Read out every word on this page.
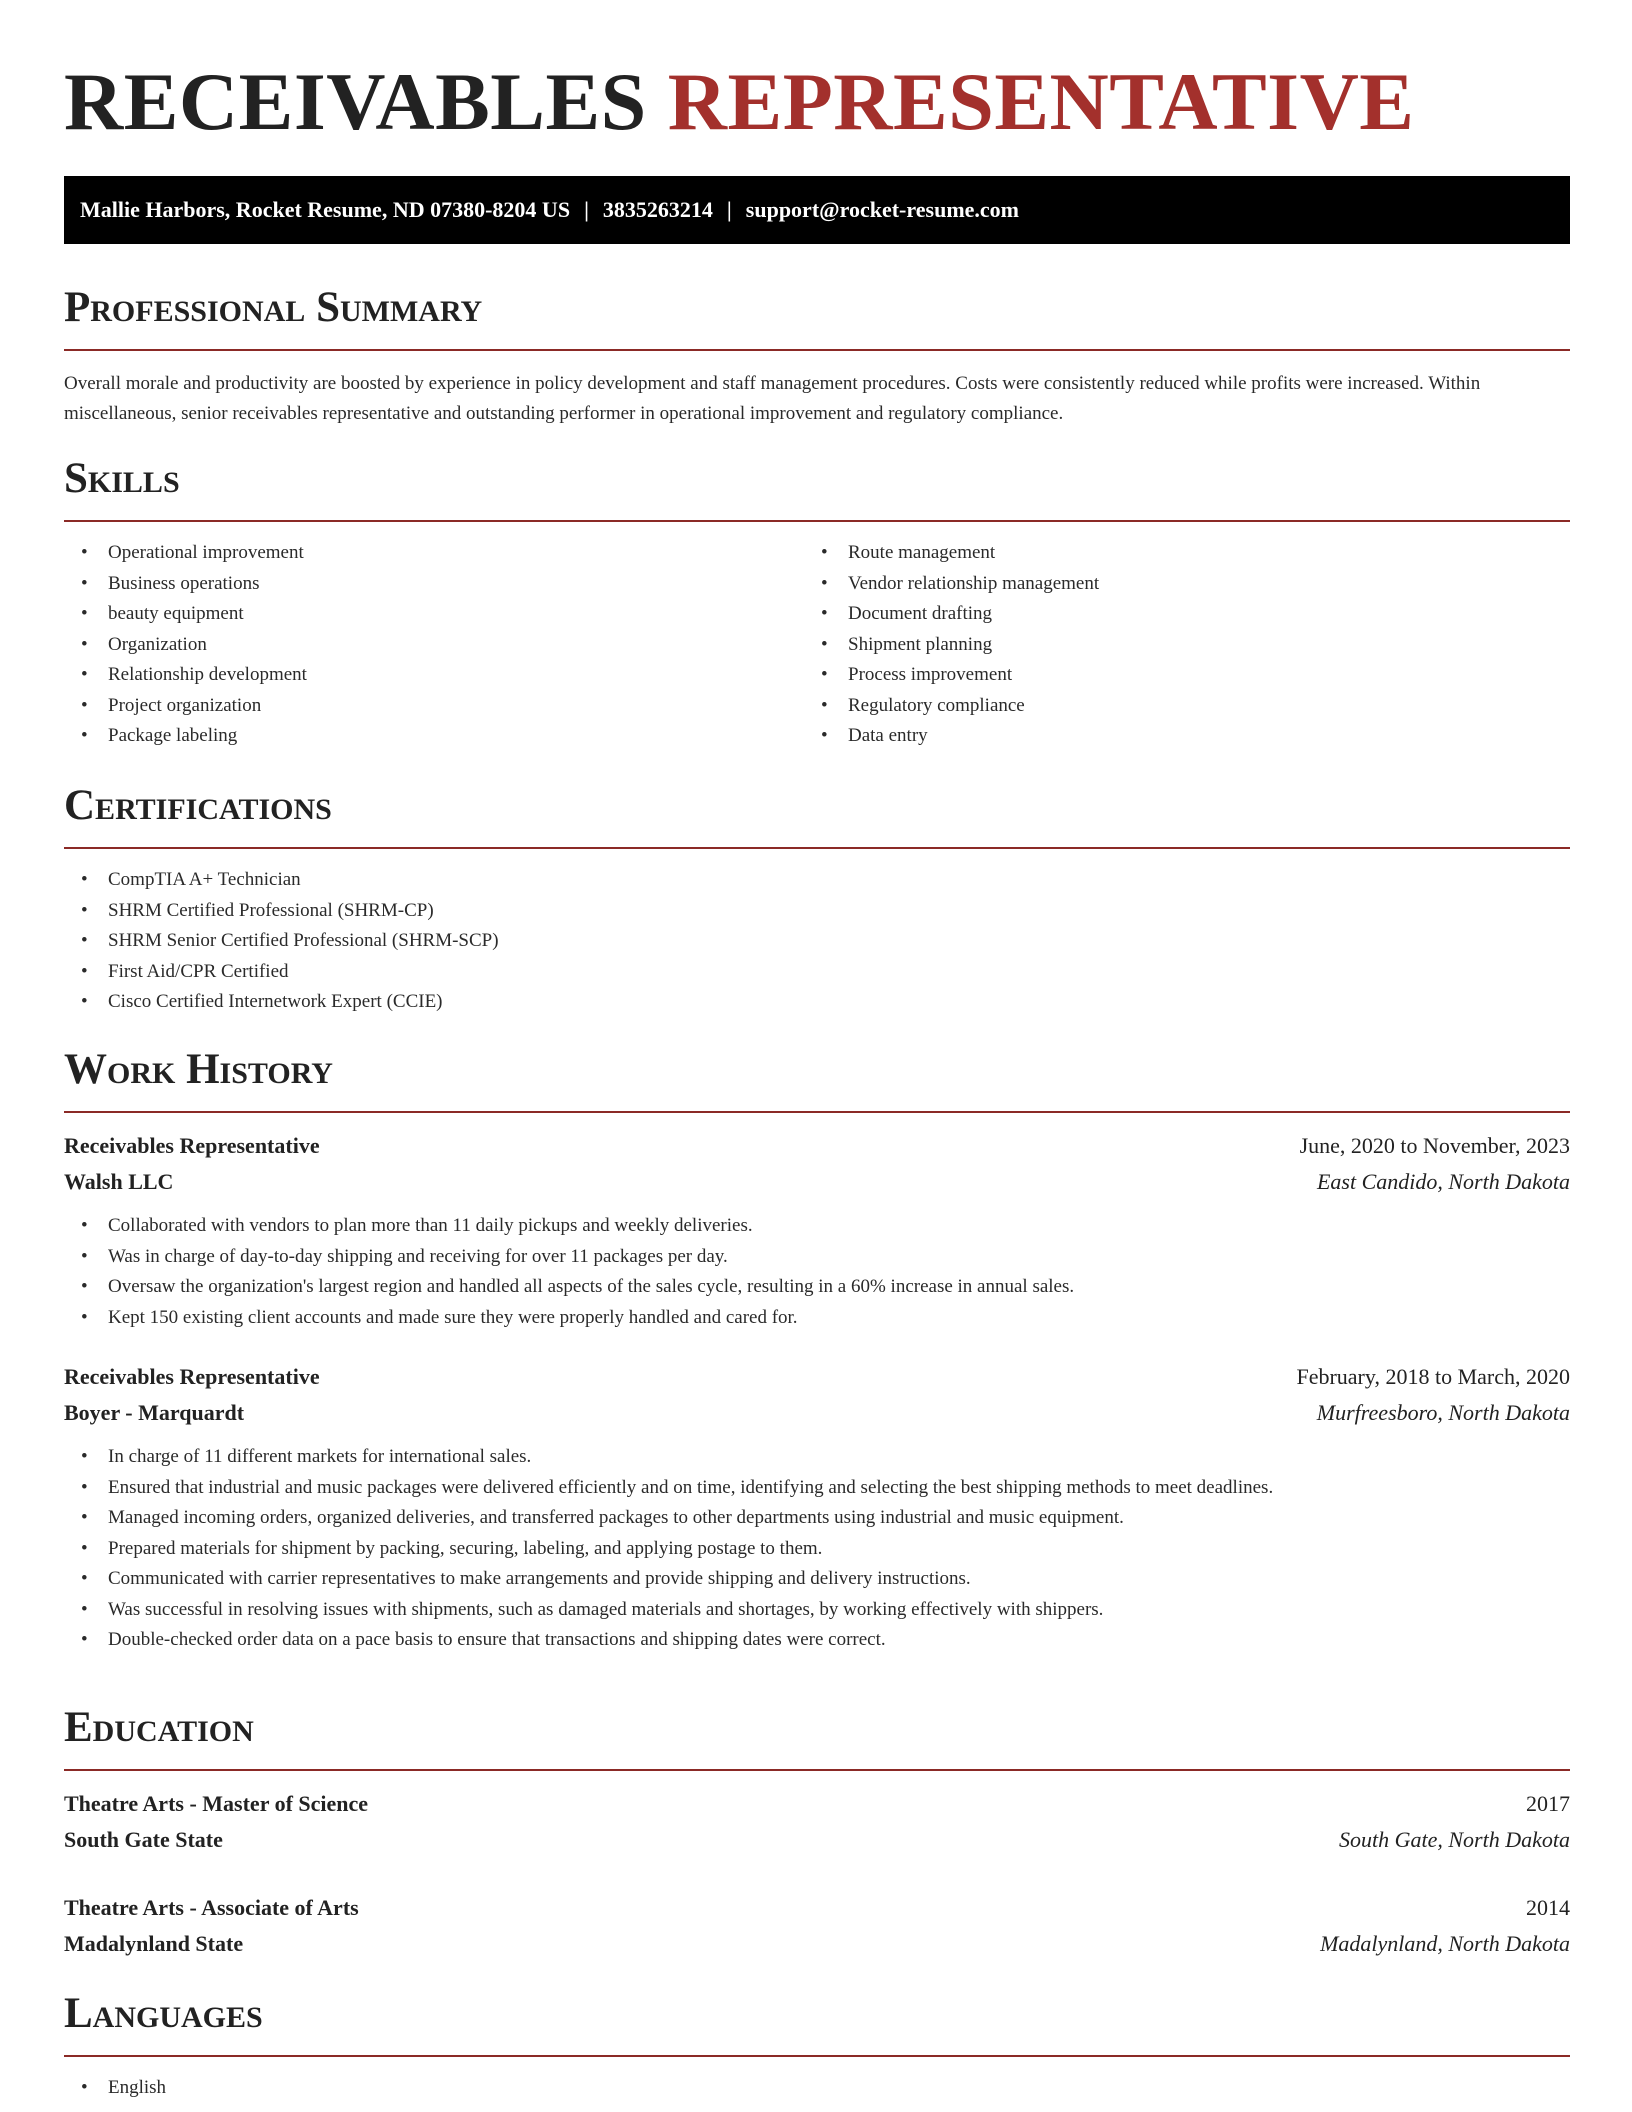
RECEIVABLES REPRESENTATIVE
Mallie Harbors, Rocket Resume, ND 07380-8204 US | 3835263214 | support@rocket-resume.com
Professional Summary

Overall morale and productivity are boosted by experience in policy development and staff management procedures. Costs were consistently reduced while profits were increased. Within miscellaneous, senior receivables representative and outstanding performer in operational improvement and regulatory compliance.

Skills
• Operational improvement
• Business operations
• beauty equipment
• Organization
• Relationship development
• Project organization
• Package labeling
• Route management
• Vendor relationship management
• Document drafting
• Shipment planning
• Process improvement
• Regulatory compliance
• Data entry
Certifications
• CompTIA A+ Technician
• SHRM Certified Professional (SHRM-CP)
• SHRM Senior Certified Professional (SHRM-SCP)
• First Aid/CPR Certified
• Cisco Certified Internetwork Expert (CCIE)
Work History
Receivables Representative	June, 2020 to November, 2023
Walsh LLC	East Candido, North Dakota
• Collaborated with vendors to plan more than 11 daily pickups and weekly deliveries.
• Was in charge of day-to-day shipping and receiving for over 11 packages per day.
• Oversaw the organization's largest region and handled all aspects of the sales cycle, resulting in a 60% increase in annual sales.
• Kept 150 existing client accounts and made sure they were properly handled and cared for.
Receivables Representative	February, 2018 to March, 2020
Boyer - Marquardt	Murfreesboro, North Dakota
• In charge of 11 different markets for international sales.
• Ensured that industrial and music packages were delivered efficiently and on time, identifying and selecting the best shipping methods to meet deadlines.
• Managed incoming orders, organized deliveries, and transferred packages to other departments using industrial and music equipment.
• Prepared materials for shipment by packing, securing, labeling, and applying postage to them.
• Communicated with carrier representatives to make arrangements and provide shipping and delivery instructions.
• Was successful in resolving issues with shipments, such as damaged materials and shortages, by working effectively with shippers.
• Double-checked order data on a pace basis to ensure that transactions and shipping dates were correct.
Education
Theatre Arts - Master of Science	2017
South Gate State	South Gate, North Dakota
Theatre Arts - Associate of Arts	2014
Madalynland State	Madalynland, North Dakota
Languages
• English
